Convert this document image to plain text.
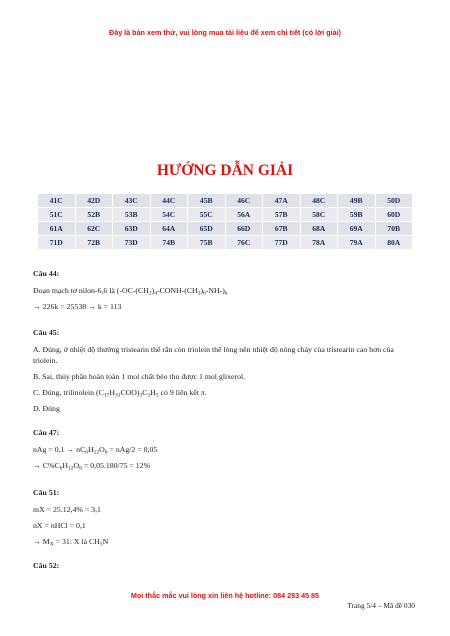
Đây là bản xem thử, vui lòng mua tài liệu để xem chi tiết (có lời giải)
HƯỚNG DẪN GIẢI
41C	42D	43C	44C	45B	46C	47A	48C	49B	50D
51C	52B	53B	54C	55C	56A	57B	58C	59B	60D
61A	62C	63D	64A	65D	66D	67B	68A	69A	70B
71D	72B	73D	74B	75B	76C	77D	78A	79A	80A

Câu 44:

Đoạn mạch tơ nilon-6,6 là $(-OC-(CH_2)_4-CONH-(CH_2)_6-NH-)_k$

→ 226k = 25538 → k = 113

Câu 45:

A. Đúng, ở nhiệt độ thường tristearin thể rắn còn triolein thể lỏng nên nhiệt độ nóng chảy của tristearin cao hơn của triolein.

B. Sai, thủy phân hoàn toàn 1 mol chất béo thu được 1 mol glixerol.

C. Đúng, trilinolein $(C_{17}H_{31}COO)_3C_3H_5$ có 9 liên kết π.

D. Đúng

Câu 47:

nAg = $0,1 \to nC_6H_{12}O_6 = nAg/2 = 0,05$

→ $C\%C_6H_{12}O_6 = 0,05.180/75 = 12\%$

Câu 51:

mX = 25.12,4% = 3,1

nX = nHCl = 0,1

→ $M_X = 31$: X là $CH_5N$

Câu 52:

Mọi thắc mắc vui lòng xin liên hệ hotline: 084 283 45 85
Trang 5/4 – Mã đề 030
